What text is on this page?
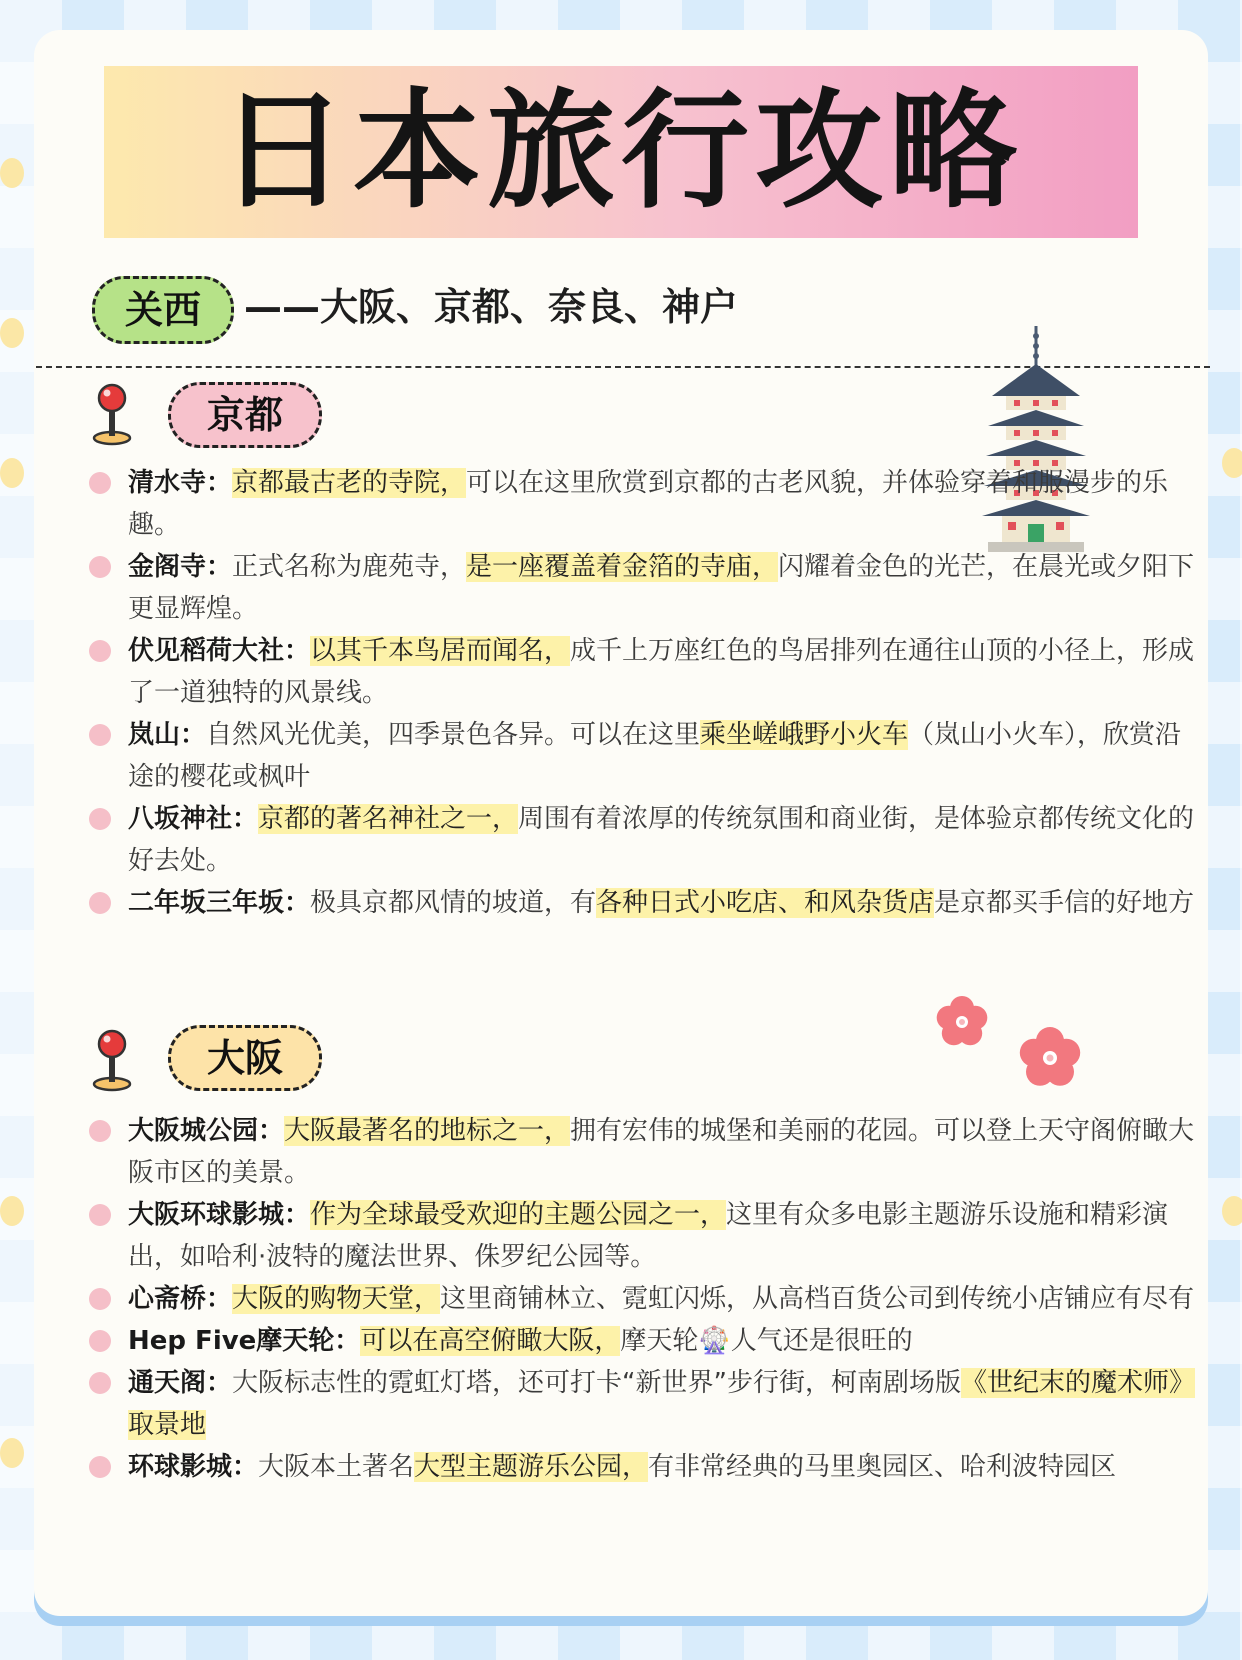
日本旅行攻略
关西	——大阪、京都、奈良、神户
京都
清水寺：京都最古老的寺院，可以在这里欣赏到京都的古老风貌，并体验穿着和服漫步的乐趣。
金阁寺：正式名称为鹿苑寺，是一座覆盖着金箔的寺庙，闪耀着金色的光芒，在晨光或夕阳下更显辉煌。
伏见稻荷大社：以其千本鸟居而闻名，成千上万座红色的鸟居排列在通往山顶的小径上，形成了一道独特的风景线。
岚山：自然风光优美，四季景色各异。可以在这里乘坐嵯峨野小火车（岚山小火车），欣赏沿途的樱花或枫叶
八坂神社：京都的著名神社之一，周围有着浓厚的传统氛围和商业街，是体验京都传统文化的好去处。
二年坂三年坂：极具京都风情的坡道，有各种日式小吃店、和风杂货店是京都买手信的好地方
大阪
大阪城公园：大阪最著名的地标之一，拥有宏伟的城堡和美丽的花园。可以登上天守阁俯瞰大阪市区的美景。
大阪环球影城：作为全球最受欢迎的主题公园之一，这里有众多电影主题游乐设施和精彩演出，如哈利·波特的魔法世界、侏罗纪公园等。
心斋桥：大阪的购物天堂，这里商铺林立、霓虹闪烁，从高档百货公司到传统小店铺应有尽有
Hep Five摩天轮：可以在高空俯瞰大阪，摩天轮🎡人气还是很旺的
通天阁：大阪标志性的霓虹灯塔，还可打卡“新世界”步行街，柯南剧场版《世纪末的魔术师》取景地
环球影城：大阪本土著名大型主题游乐公园，有非常经典的马里奥园区、哈利波特园区
